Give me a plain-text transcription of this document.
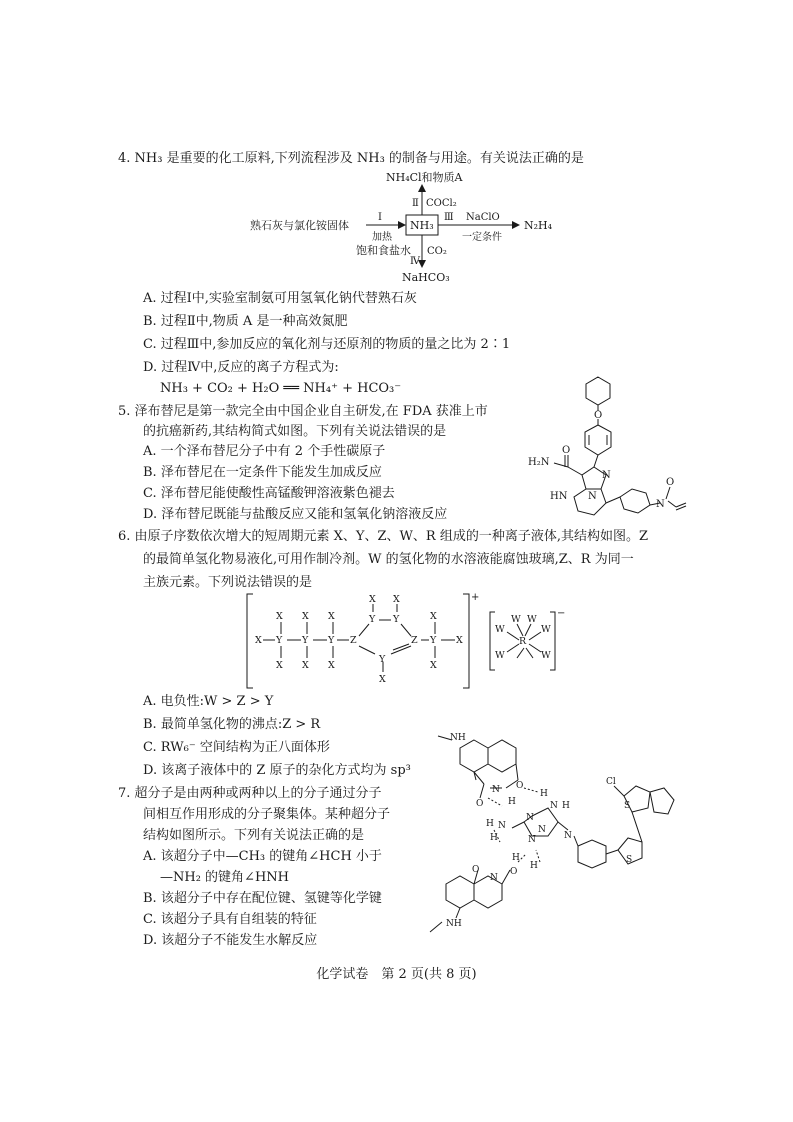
4. NH₃ 是重要的化工原料,下列流程涉及 NH₃ 的制备与用途。有关说法正确的是
NH₃
NH₄Cl和物质A
Ⅱ COCl₂
熟石灰与氯化铵固体
Ⅰ
加热
Ⅲ NaClO
一定条件
N₂H₄
饱和食盐水 CO₂
Ⅳ
NaHCO₃
A. 过程Ⅰ中,实验室制氨可用氢氧化钠代替熟石灰
B. 过程Ⅱ中,物质 A 是一种高效氮肥
C. 过程Ⅲ中,参加反应的氧化剂与还原剂的物质的量之比为 2∶1
D. 过程Ⅳ中,反应的离子方程式为:
NH₃ + CO₂ + H₂O ══ NH₄⁺ + HCO₃⁻
5. 泽布替尼是第一款完全由中国企业自主研发,在 FDA 获准上市
的抗癌新药,其结构简式如图。下列有关说法错误的是
A. 一个泽布替尼分子中有 2 个手性碳原子
B. 泽布替尼在一定条件下能发生加成反应
C. 泽布替尼能使酸性高锰酸钾溶液紫色褪去
D. 泽布替尼既能与盐酸反应又能和氢氧化钠溶液反应
O
H₂N
O
N
N
HN
N
O
6. 由原子序数依次增大的短周期元素 X、Y、Z、W、R 组成的一种离子液体,其结构如图。Z
的最简单氢化物易液化,可用作制冷剂。W 的氢化物的水溶液能腐蚀玻璃,Z、R 为同一
主族元素。下列说法错误的是
X Y Y Y Z
X X X
X X X
X X
Y Y
Y
X
Z Y
X
X
X	R
W W
W	W
W	W
+
−
A. 电负性:W > Z > Y
B. 最简单氢化物的沸点:Z > R
C. RW₆⁻ 空间结构为正八面体形
D. 该离子液体中的 Z 原子的杂化方式均为 sp³
7. 超分子是由两种或两种以上的分子通过分子
间相互作用形成的分子聚集体。某种超分子
结构如图所示。下列有关说法正确的是
A. 该超分子中—CH₃ 的键角∠HCH 小于
—NH₂ 的键角∠HNH
B. 该超分子中存在配位键、氢键等化学键
C. 该超分子具有自组装的特征
D. 该超分子不能发生水解反应
NH
O
N
O
H
N H
H
N
N
H
N
H	N	N
H
H
O
N
O
NH
Cl
S
S
化学试卷　第 2 页(共 8 页)
